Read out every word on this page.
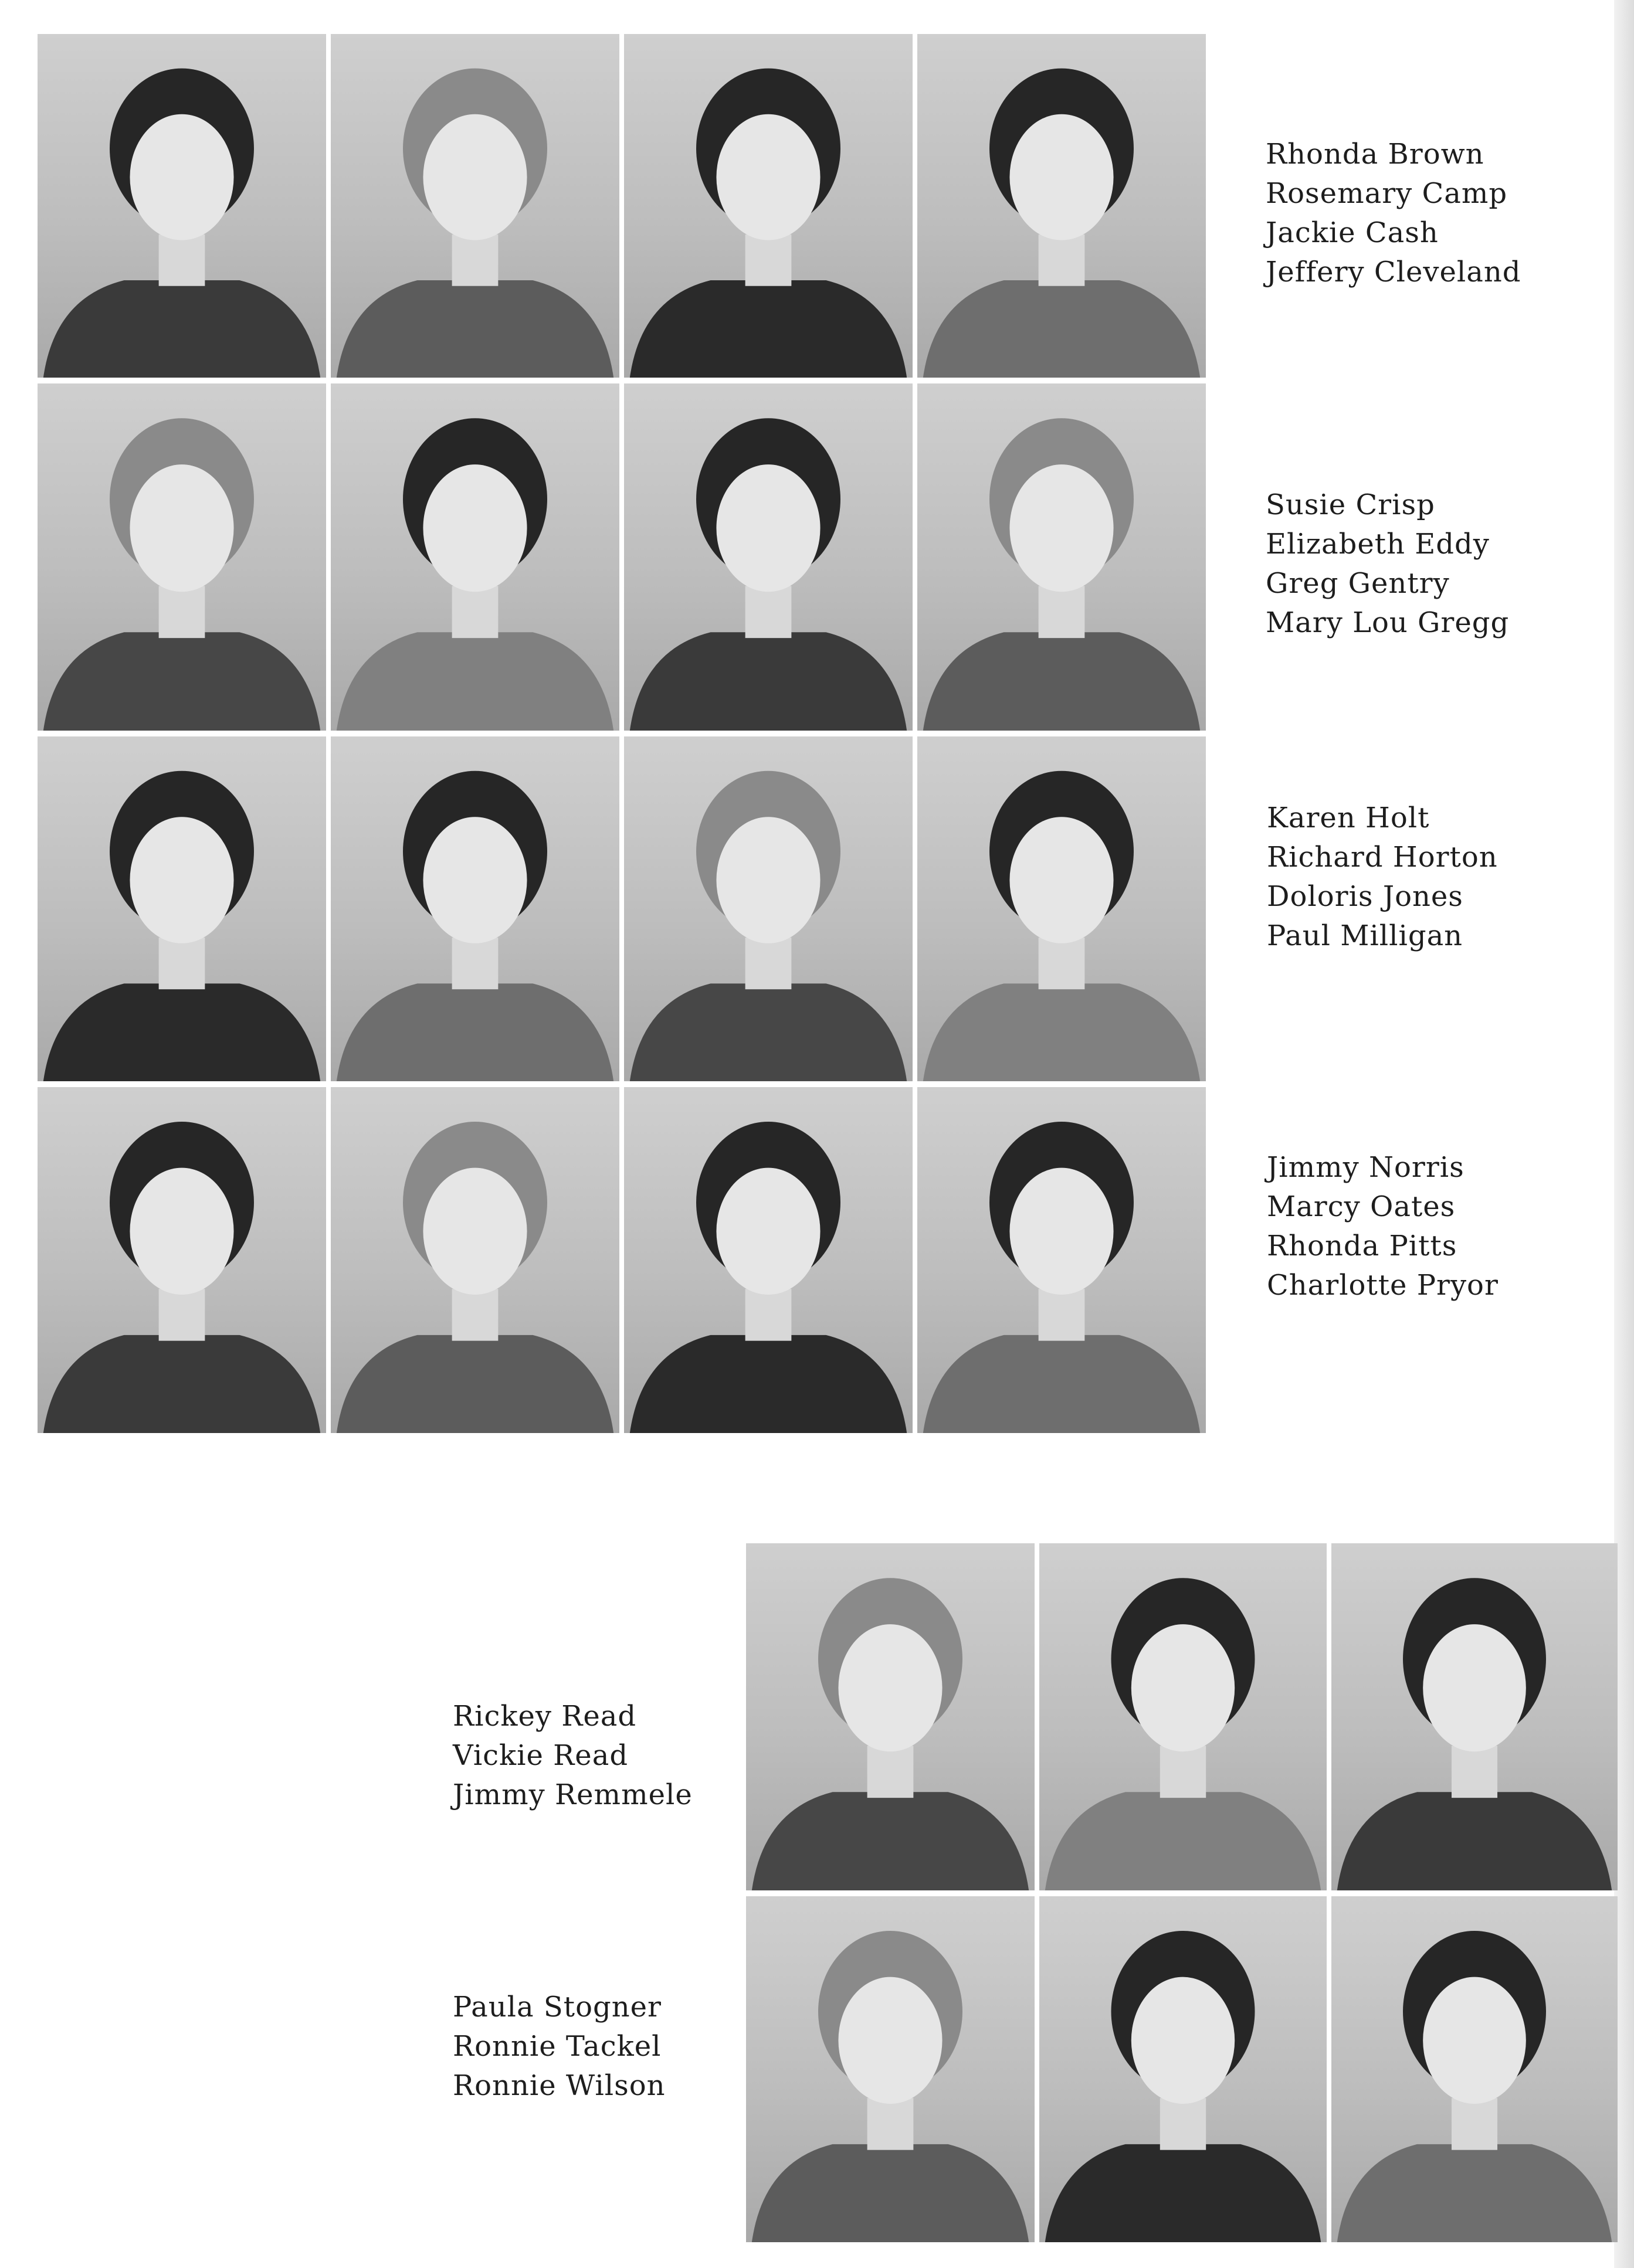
Rhonda Brown
Rosemary Camp
Jackie Cash
Jeffery Cleveland
Susie Crisp
Elizabeth Eddy
Greg Gentry
Mary Lou Gregg
Karen Holt
Richard Horton
Doloris Jones
Paul Milligan
Jimmy Norris
Marcy Oates
Rhonda Pitts
Charlotte Pryor
Rickey Read
Vickie Read
Jimmy Remmele
Paula Stogner
Ronnie Tackel
Ronnie Wilson
